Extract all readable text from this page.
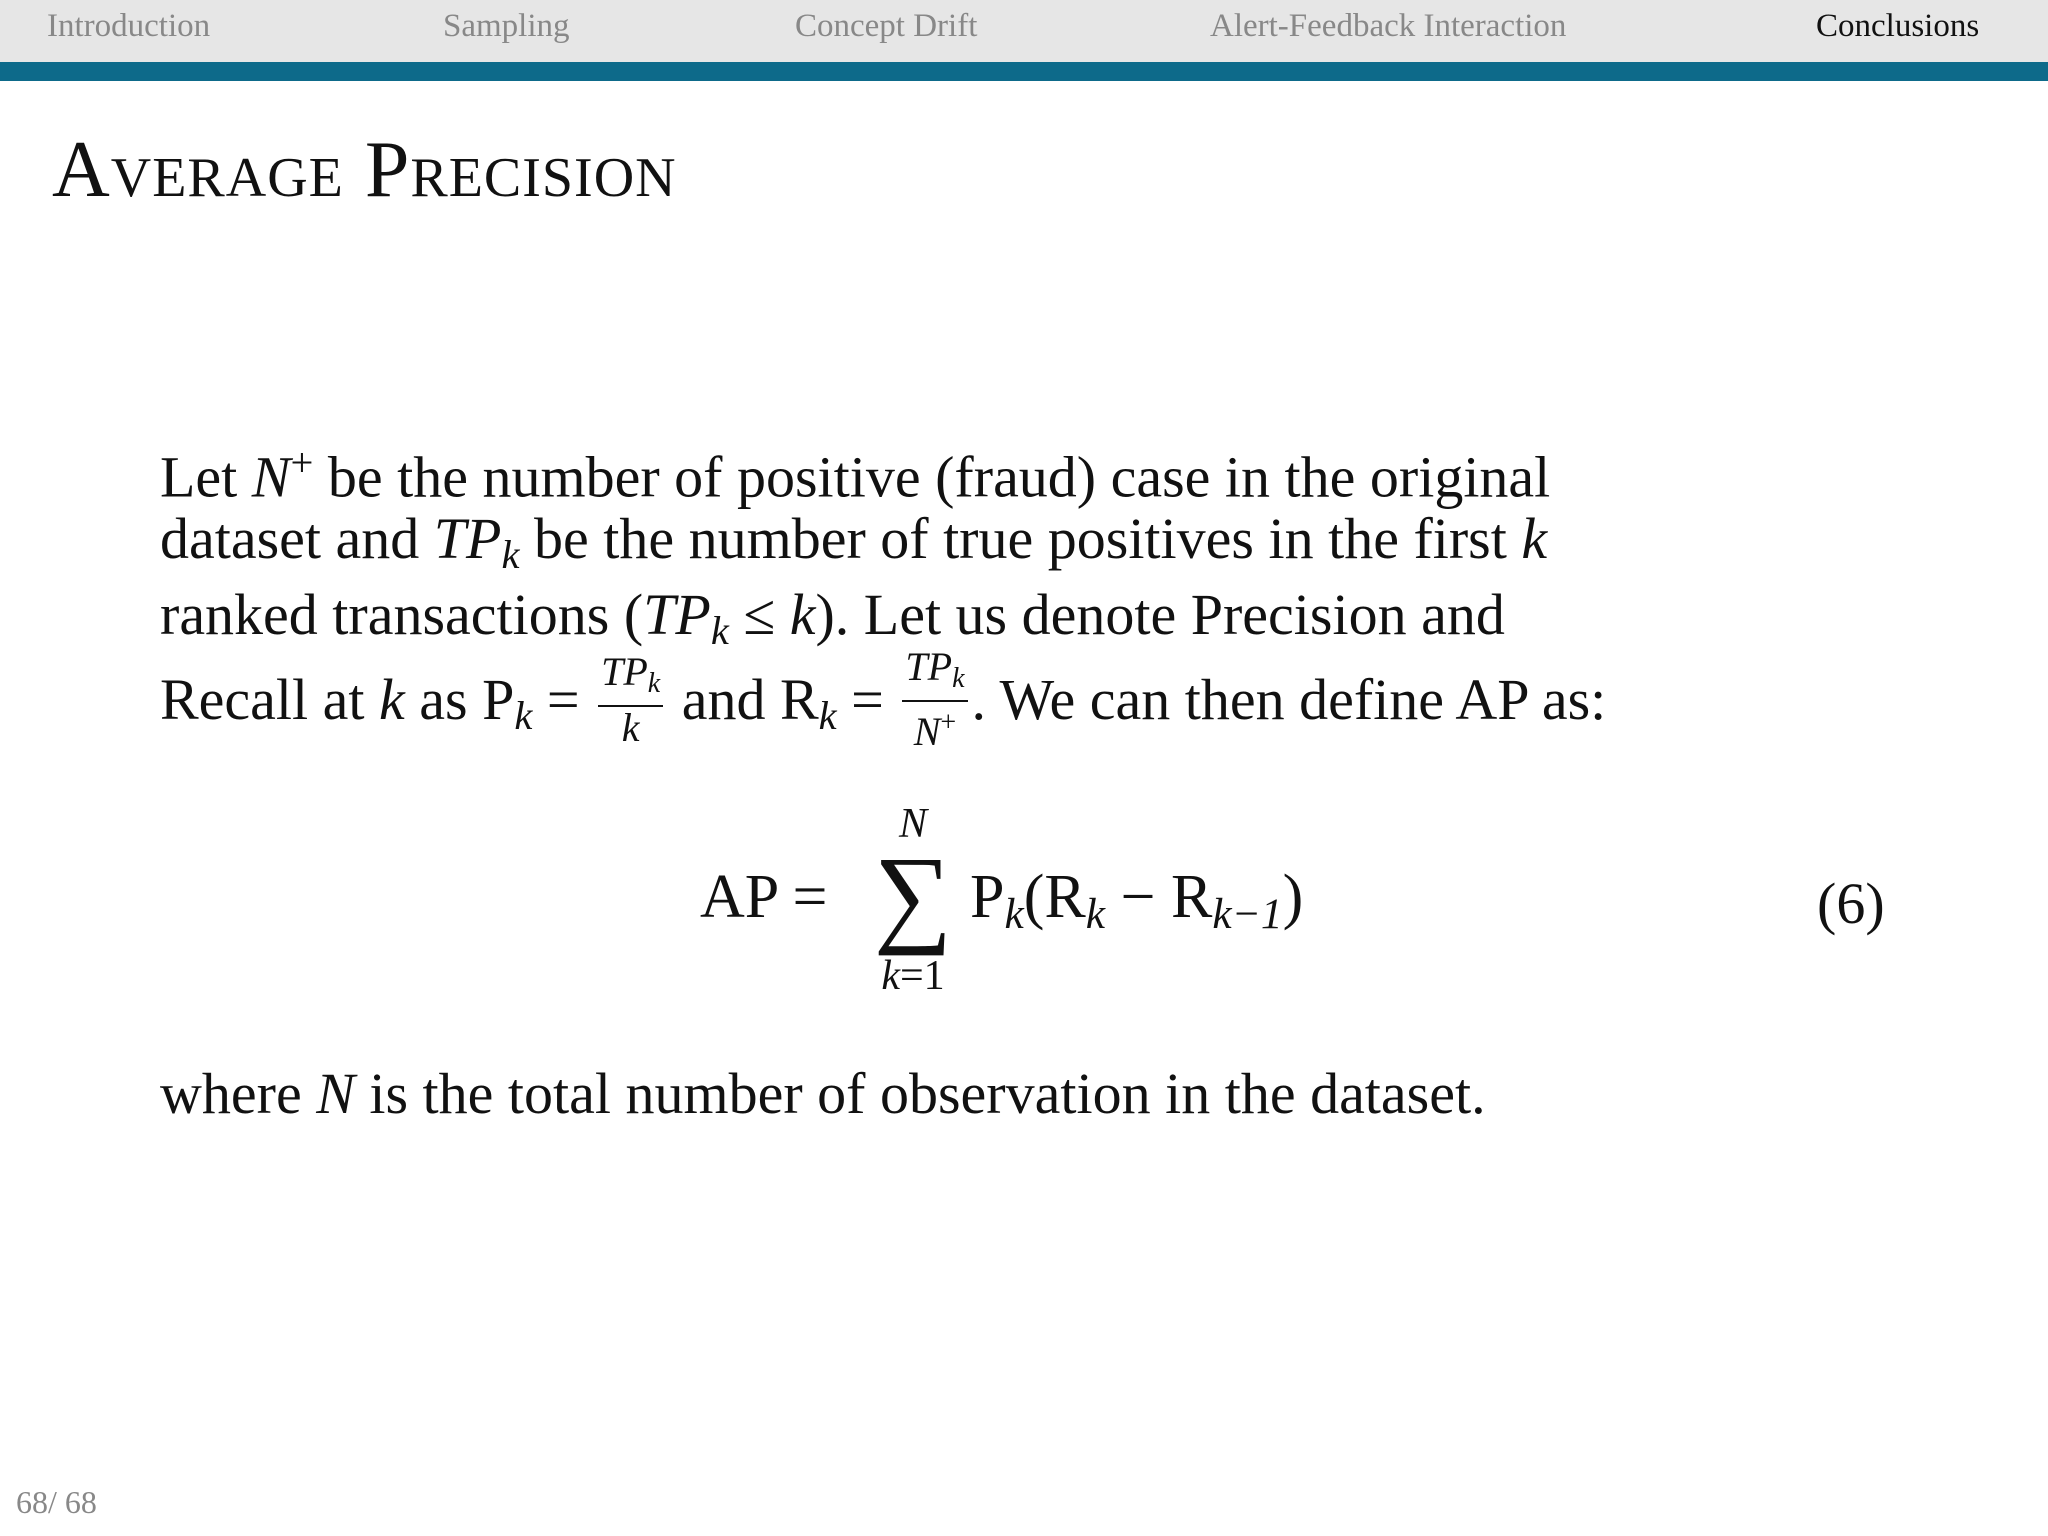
Introduction	Sampling	Concept Drift	Alert-Feedback Interaction	Conclusions
Average Precision
Let N+ be the number of positive (fraud) case in the original
dataset and $TP_k$ be the number of true positives in the first k
ranked transactions $(TP_k \le k)$. Let us denote Precision and
Recall at k as $P_k = \frac{TP_k}{k}$ and $R_k = \frac{TP_k}{N^+}$ . We can then define AP as:
AP =
N
∑
k=1
$P_k(R_k - R_{k-1})$	(6)
where N is the total number of observation in the dataset.
68/ 68
